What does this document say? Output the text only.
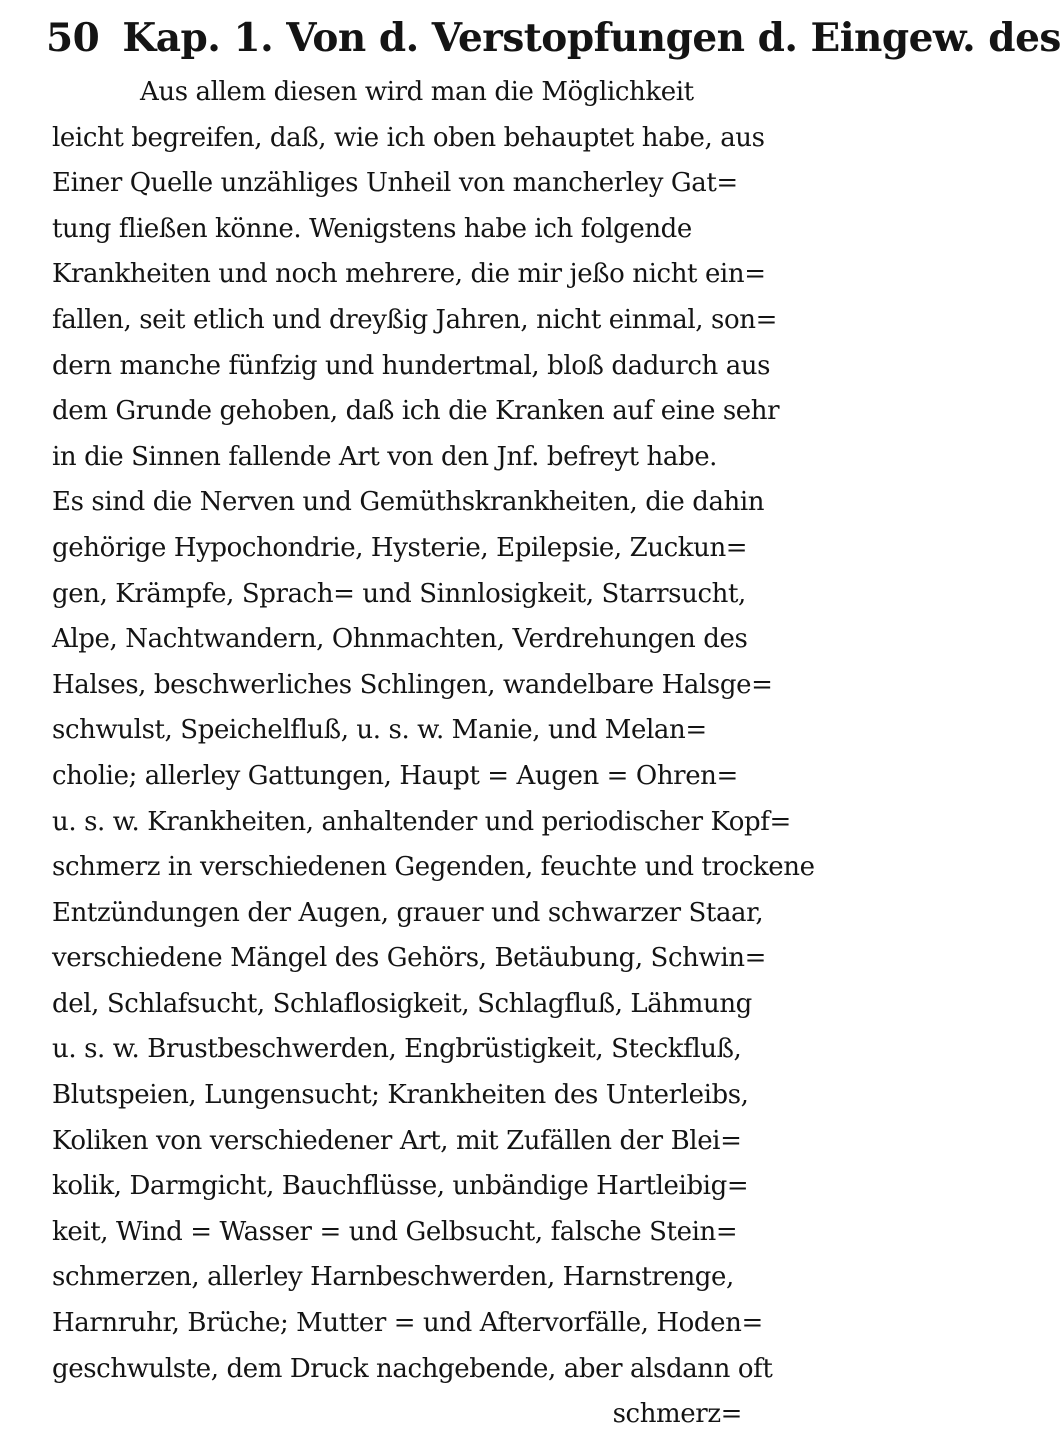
50 Kap. 1. Von d. Verstopfungen d. Eingew. des
Aus allem diesen wird man die Möglichkeit
leicht begreifen, daß, wie ich oben behauptet habe, aus
Einer Quelle unzähliges Unheil von mancherley Gat=
tung fließen könne. Wenigstens habe ich folgende
Krankheiten und noch mehrere, die mir jeßo nicht ein=
fallen, seit etlich und dreyßig Jahren, nicht einmal, son=
dern manche fünfzig und hundertmal, bloß dadurch aus
dem Grunde gehoben, daß ich die Kranken auf eine sehr
in die Sinnen fallende Art von den Jnf. befreyt habe.
Es sind die Nerven und Gemüthskrankheiten, die dahin
gehörige Hypochondrie, Hysterie, Epilepsie, Zuckun=
gen, Krämpfe, Sprach= und Sinnlosigkeit, Starrsucht,
Alpe, Nachtwandern, Ohnmachten, Verdrehungen des
Halses, beschwerliches Schlingen, wandelbare Halsge=
schwulst, Speichelfluß, u. s. w. Manie, und Melan=
cholie; allerley Gattungen, Haupt = Augen = Ohren=
u. s. w. Krankheiten, anhaltender und periodischer Kopf=
schmerz in verschiedenen Gegenden, feuchte und trockene
Entzündungen der Augen, grauer und schwarzer Staar,
verschiedene Mängel des Gehörs, Betäubung, Schwin=
del, Schlafsucht, Schlaflosigkeit, Schlagfluß, Lähmung
u. s. w. Brustbeschwerden, Engbrüstigkeit, Steckfluß,
Blutspeien, Lungensucht; Krankheiten des Unterleibs,
Koliken von verschiedener Art, mit Zufällen der Blei=
kolik, Darmgicht, Bauchflüsse, unbändige Hartleibig=
keit, Wind = Wasser = und Gelbsucht, falsche Stein=
schmerzen, allerley Harnbeschwerden, Harnstrenge,
Harnruhr, Brüche; Mutter = und Aftervorfälle, Hoden=
geschwulste, dem Druck nachgebende, aber alsdann oft
schmerz=
